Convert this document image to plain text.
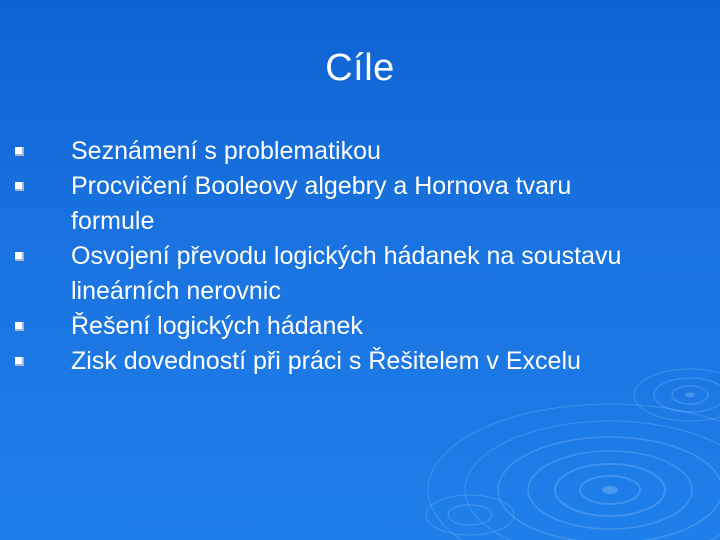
Cíle
Seznámení s problematikou
Procvičení Booleovy algebry a Hornova tvaru formule
Osvojení převodu logických hádanek na soustavu lineárních nerovnic
Řešení logických hádanek
Zisk dovedností při práci s Řešitelem v Excelu
